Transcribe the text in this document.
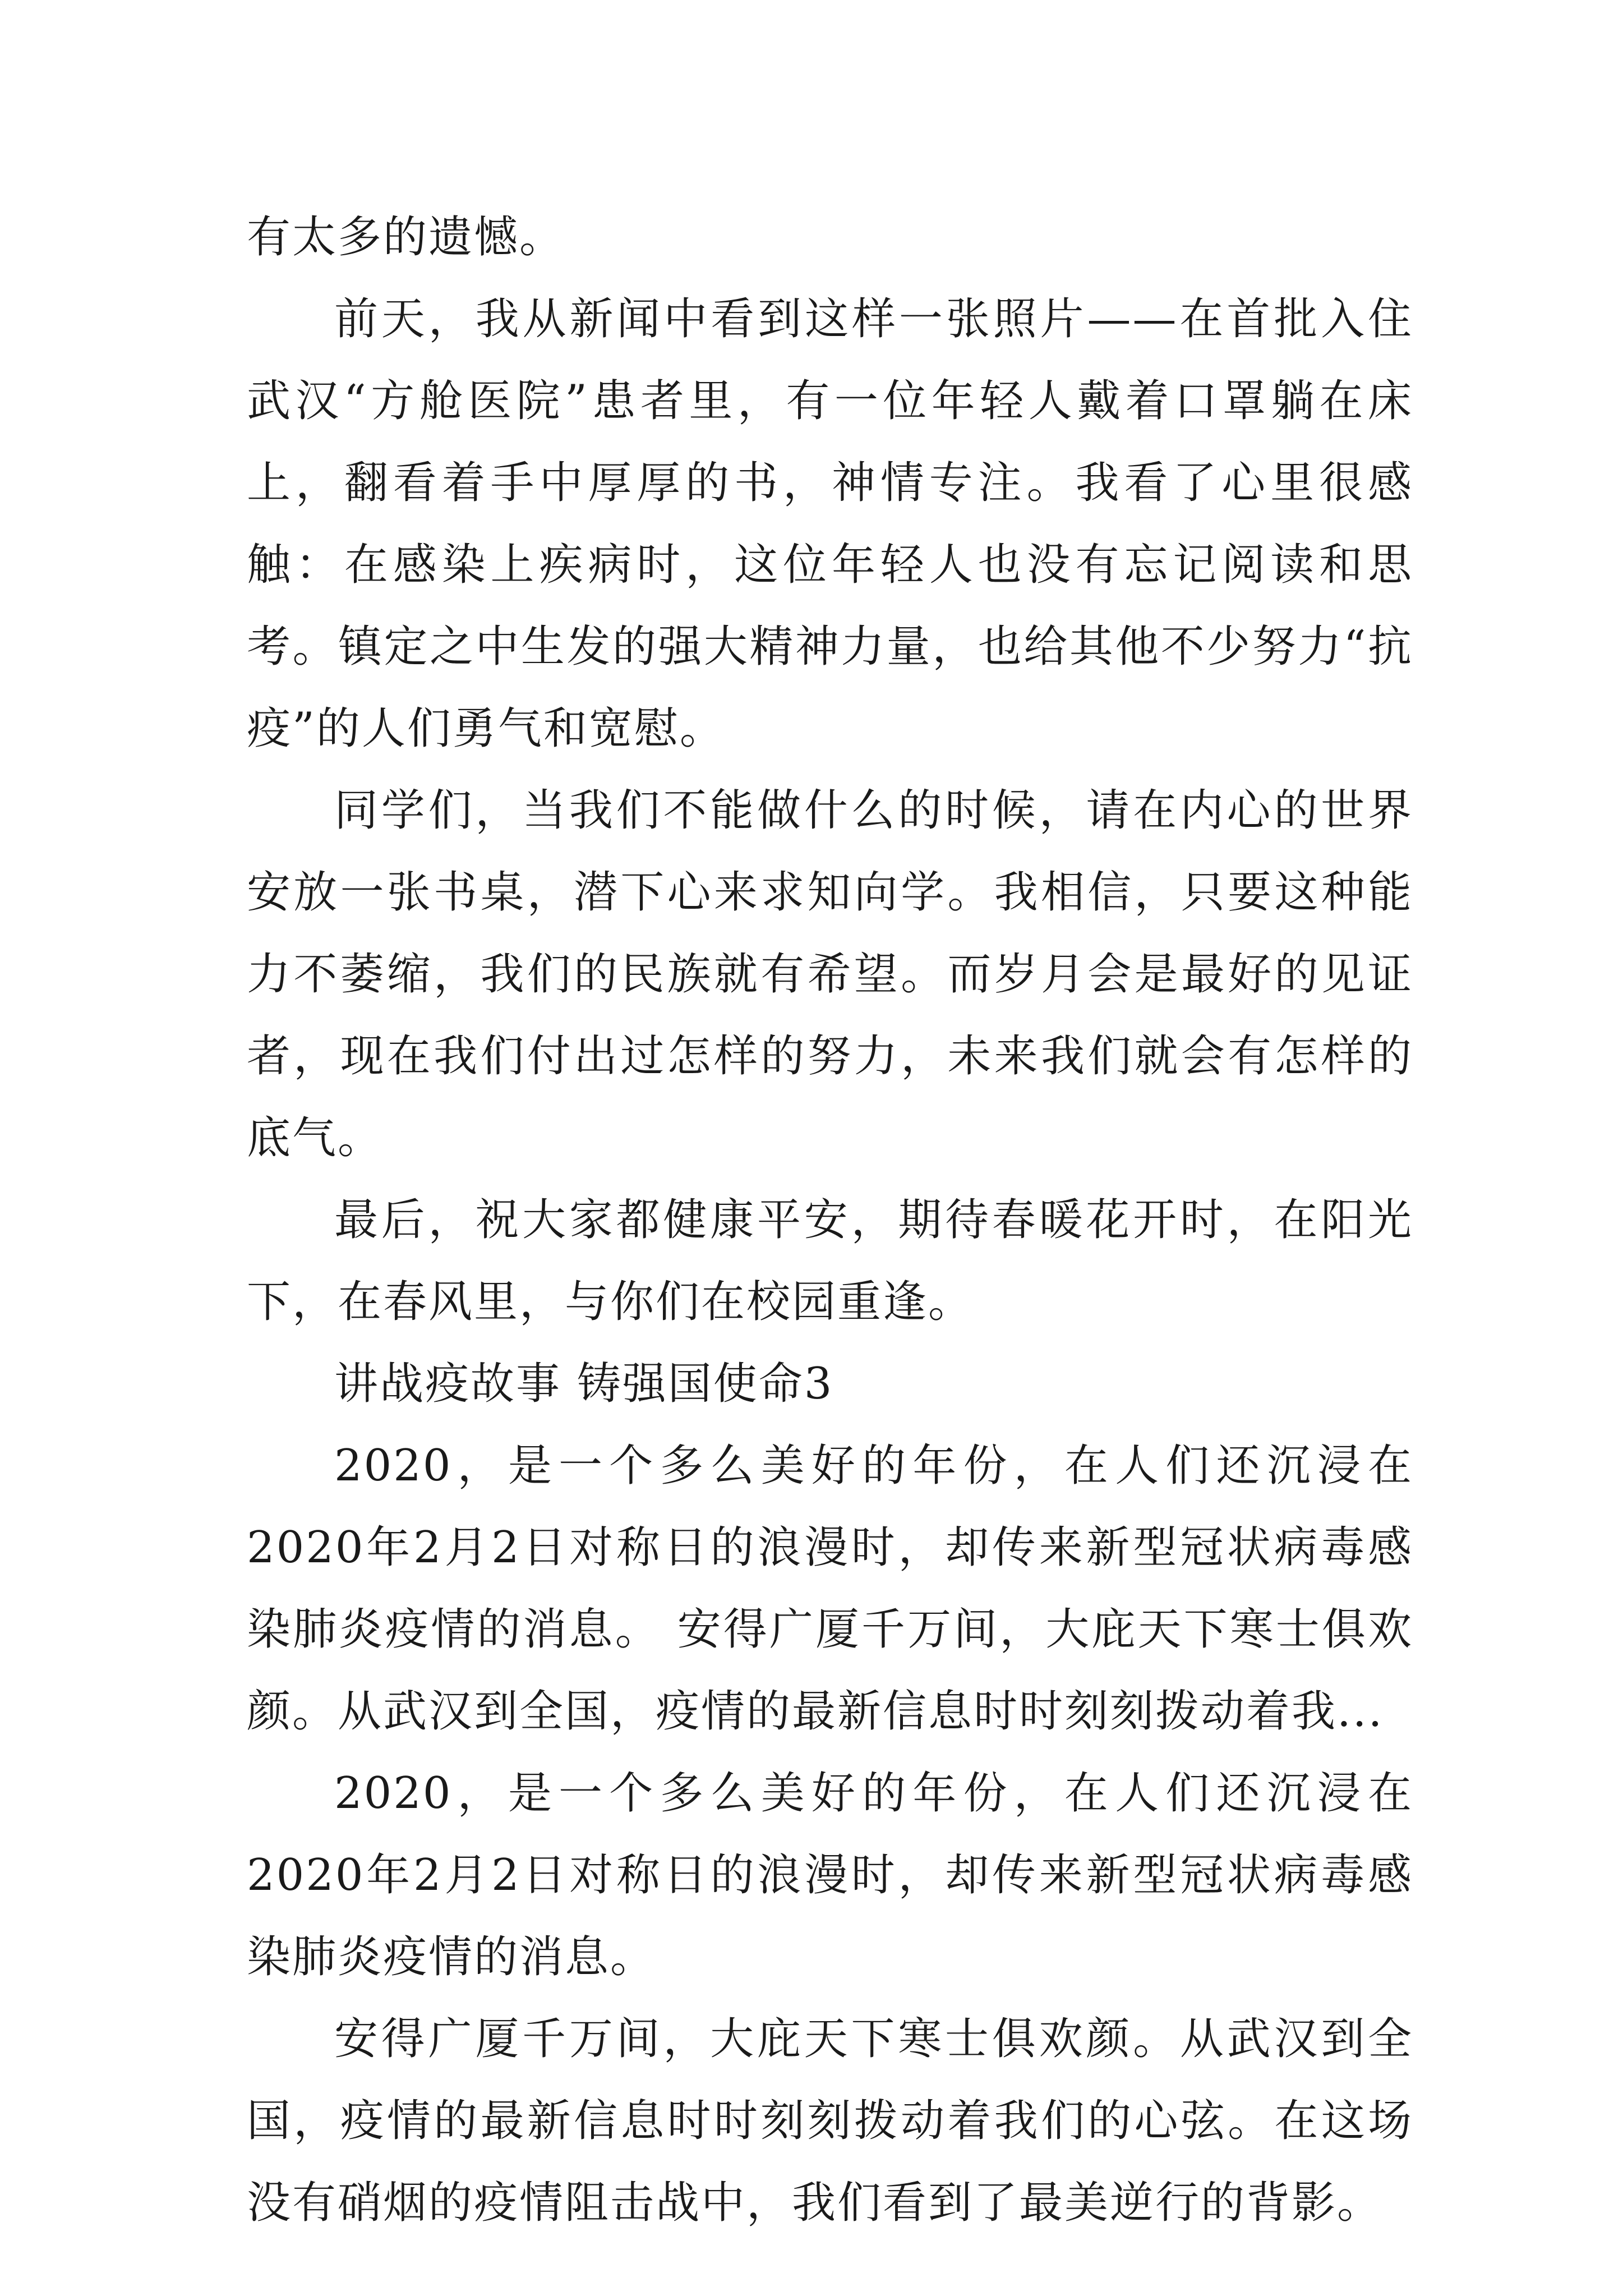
有太多的遗憾。

前天，我从新闻中看到这样一张照片——在首批入住武汉“方舱医院”患者里，有一位年轻人戴着口罩躺在床上，翻看着手中厚厚的书，神情专注。我看了心里很感触：在感染上疾病时，这位年轻人也没有忘记阅读和思考。镇定之中生发的强大精神力量，也给其他不少努力“抗疫”的人们勇气和宽慰。

同学们，当我们不能做什么的时候，请在内心的世界安放一张书桌，潜下心来求知向学。我相信，只要这种能力不萎缩，我们的民族就有希望。而岁月会是最好的见证者，现在我们付出过怎样的努力，未来我们就会有怎样的底气。

最后，祝大家都健康平安，期待春暖花开时，在阳光下，在春风里，与你们在校园重逢。

讲战疫故事 铸强国使命3

2020，是一个多么美好的年份，在人们还沉浸在2020年2月2日对称日的浪漫时，却传来新型冠状病毒感染肺炎疫情的消息。 安得广厦千万间，大庇天下寒士俱欢颜。从武汉到全国，疫情的最新信息时时刻刻拨动着我...

2020，是一个多么美好的年份，在人们还沉浸在2020年2月2日对称日的浪漫时，却传来新型冠状病毒感染肺炎疫情的消息。

安得广厦千万间，大庇天下寒士俱欢颜。从武汉到全国，疫情的最新信息时时刻刻拨动着我们的心弦。在这场没有硝烟的疫情阻击战中，我们看到了最美逆行的背影。
